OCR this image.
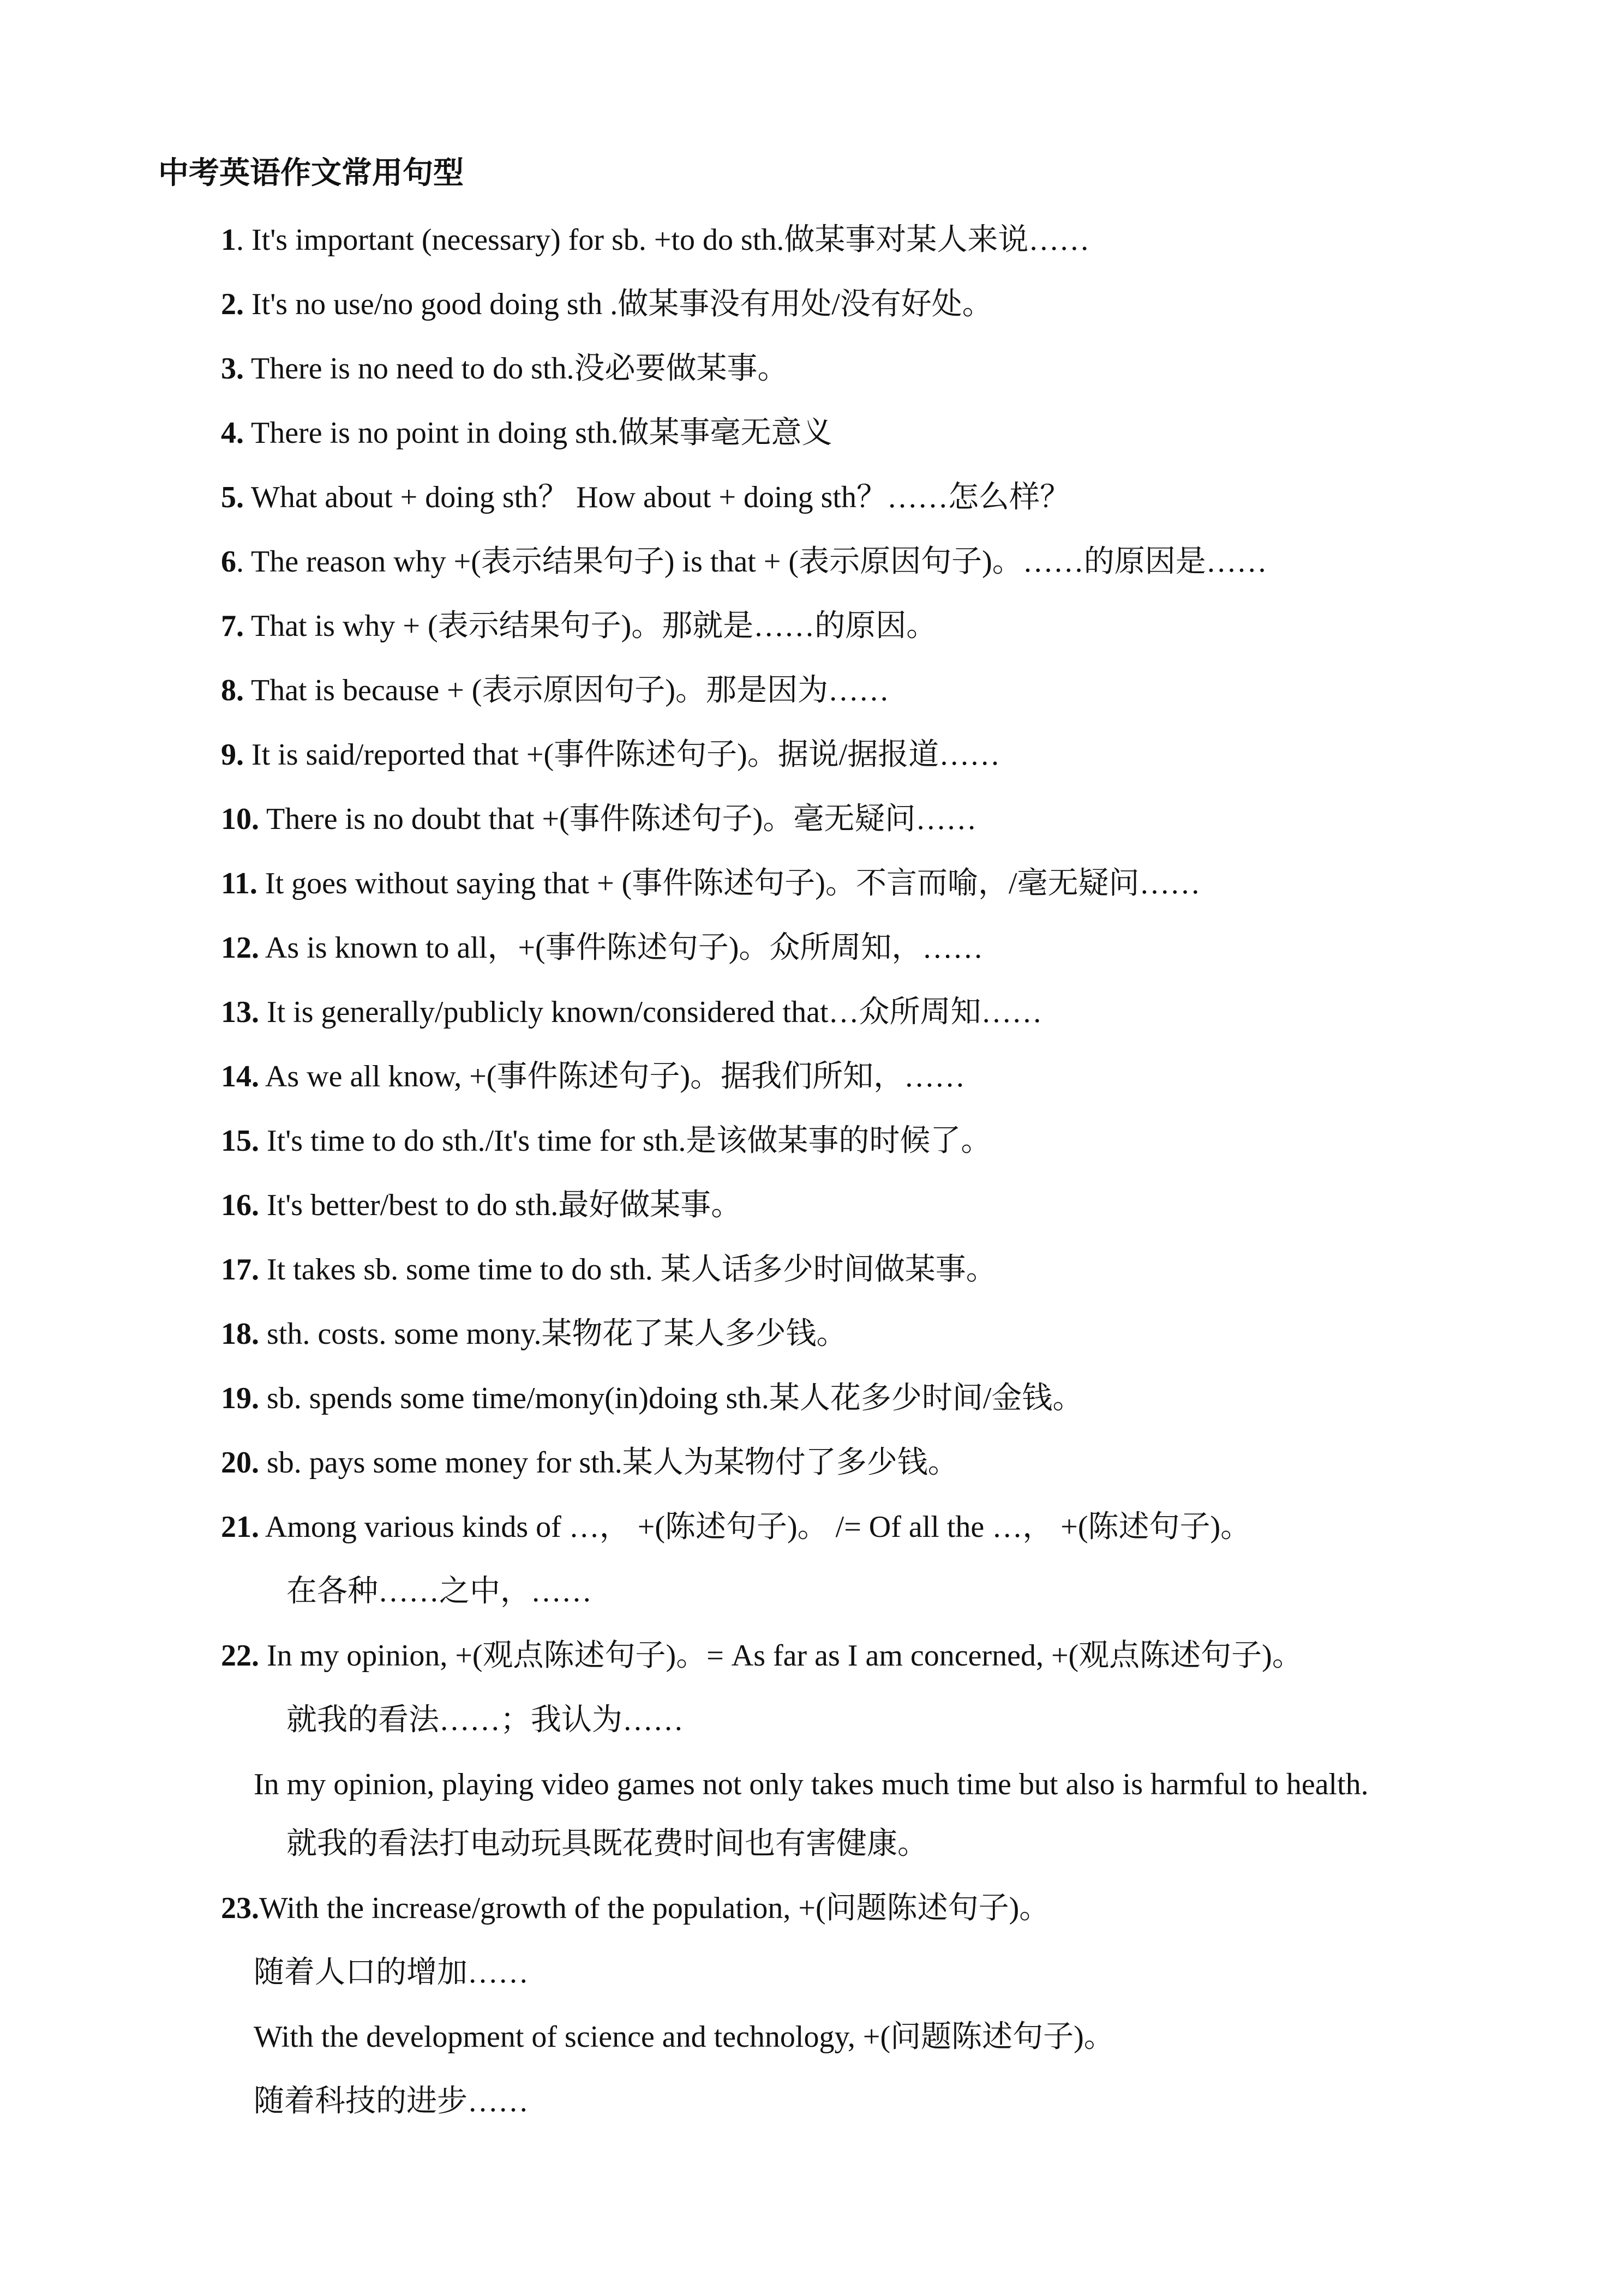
中考英语作文常用句型
1. It's important (necessary) for sb. +to do sth.做某事对某人来说……
2. It's no use/no good doing sth .做某事没有用处/没有好处。
3. There is no need to do sth.没必要做某事。
4. There is no point in doing sth.做某事毫无意义
5. What about + doing sth？ How about + doing sth？……怎么样？
6. The reason why +(表示结果句子) is that + (表示原因句子)。……的原因是……
7. That is why + (表示结果句子)。那就是……的原因。
8. That is because + (表示原因句子)。那是因为……
9. It is said/reported that +(事件陈述句子)。据说/据报道……
10. There is no doubt that +(事件陈述句子)。毫无疑问……
11. It goes without saying that + (事件陈述句子)。不言而喻，/毫无疑问……
12. As is known to all，+(事件陈述句子)。众所周知，……
13. It is generally/publicly known/considered that…众所周知……
14. As we all know, +(事件陈述句子)。据我们所知，……
15. It's time to do sth./It's time for sth.是该做某事的时候了。
16. It's better/best to do sth.最好做某事。
17. It takes sb. some time to do sth. 某人话多少时间做某事。
18. sth. costs. some mony.某物花了某人多少钱。
19. sb. spends some time/mony(in)doing sth.某人花多少时间/金钱。
20. sb. pays some money for sth.某人为某物付了多少钱。
21. Among various kinds of …， +(陈述句子)。 /= Of all the …， +(陈述句子)。
在各种……之中，……
22. In my opinion, +(观点陈述句子)。= As far as I am concerned, +(观点陈述句子)。
就我的看法……；我认为……
In my opinion, playing video games not only takes much time but also is harmful to health.
就我的看法打电动玩具既花费时间也有害健康。
23.With the increase/growth of the population, +(问题陈述句子)。
随着人口的增加……
With the development of science and technology, +(问题陈述句子)。
随着科技的进步……
